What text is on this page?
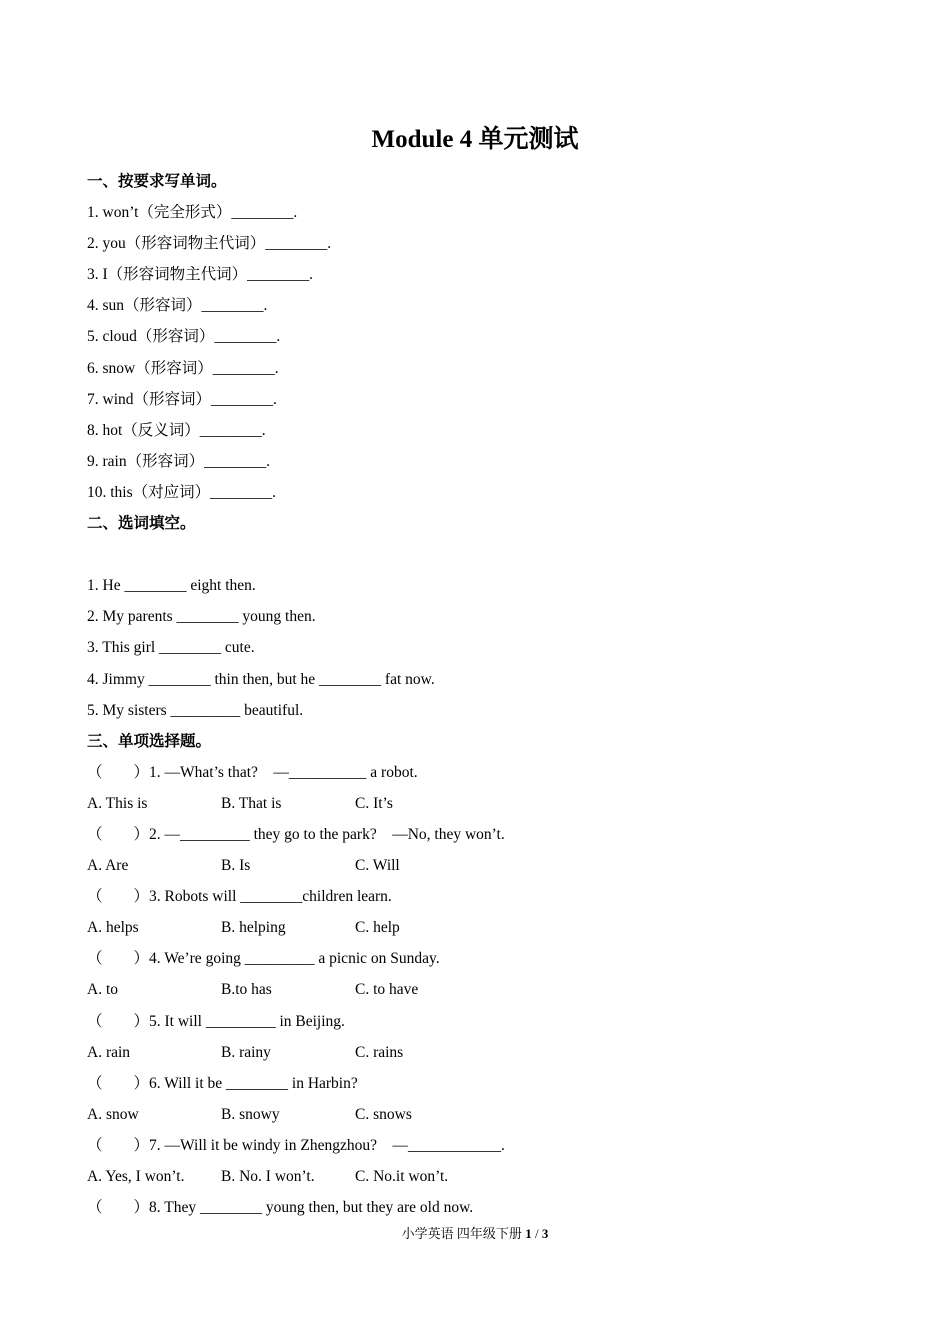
Module 4 单元测试
一、按要求写单词。
1. won’t（完全形式）________.
2. you（形容词物主代词）________.
3. I（形容词物主代词）________.
4. sun（形容词）________.
5. cloud（形容词）________.
6. snow（形容词）________.
7. wind（形容词）________.
8. hot（反义词）________.
9. rain（形容词）________.
10. this（对应词）________.
二、选词填空。

1. He ________ eight then.
2. My parents ________ young then.
3. This girl ________ cute.
4. Jimmy ________ thin then, but he ________ fat now.
5. My sisters _________ beautiful.
三、单项选择题。
（　　）1. —What’s that?　—__________ a robot.
A. This is	B. That is	C. It’s
（　　）2. —_________ they go to the park?　—No, they won’t.
A. Are	B. Is	C. Will
（　　）3. Robots will ________children learn.
A. helps	B. helping	C. help
（　　）4. We’re going _________ a picnic on Sunday.
A. to	B.to has	C. to have
（　　）5. It will _________ in Beijing.
A. rain	B. rainy	C. rains
（　　）6. Will it be ________ in Harbin?
A. snow	B. snowy	C. snows
（　　）7. —Will it be windy in Zhengzhou?　—____________.
A. Yes, I won’t. B. No. I won’t.	C. No.it won’t.
（　　）8. They ________ young then, but they are old now.
小学英语 四年级下册 1 / 3
